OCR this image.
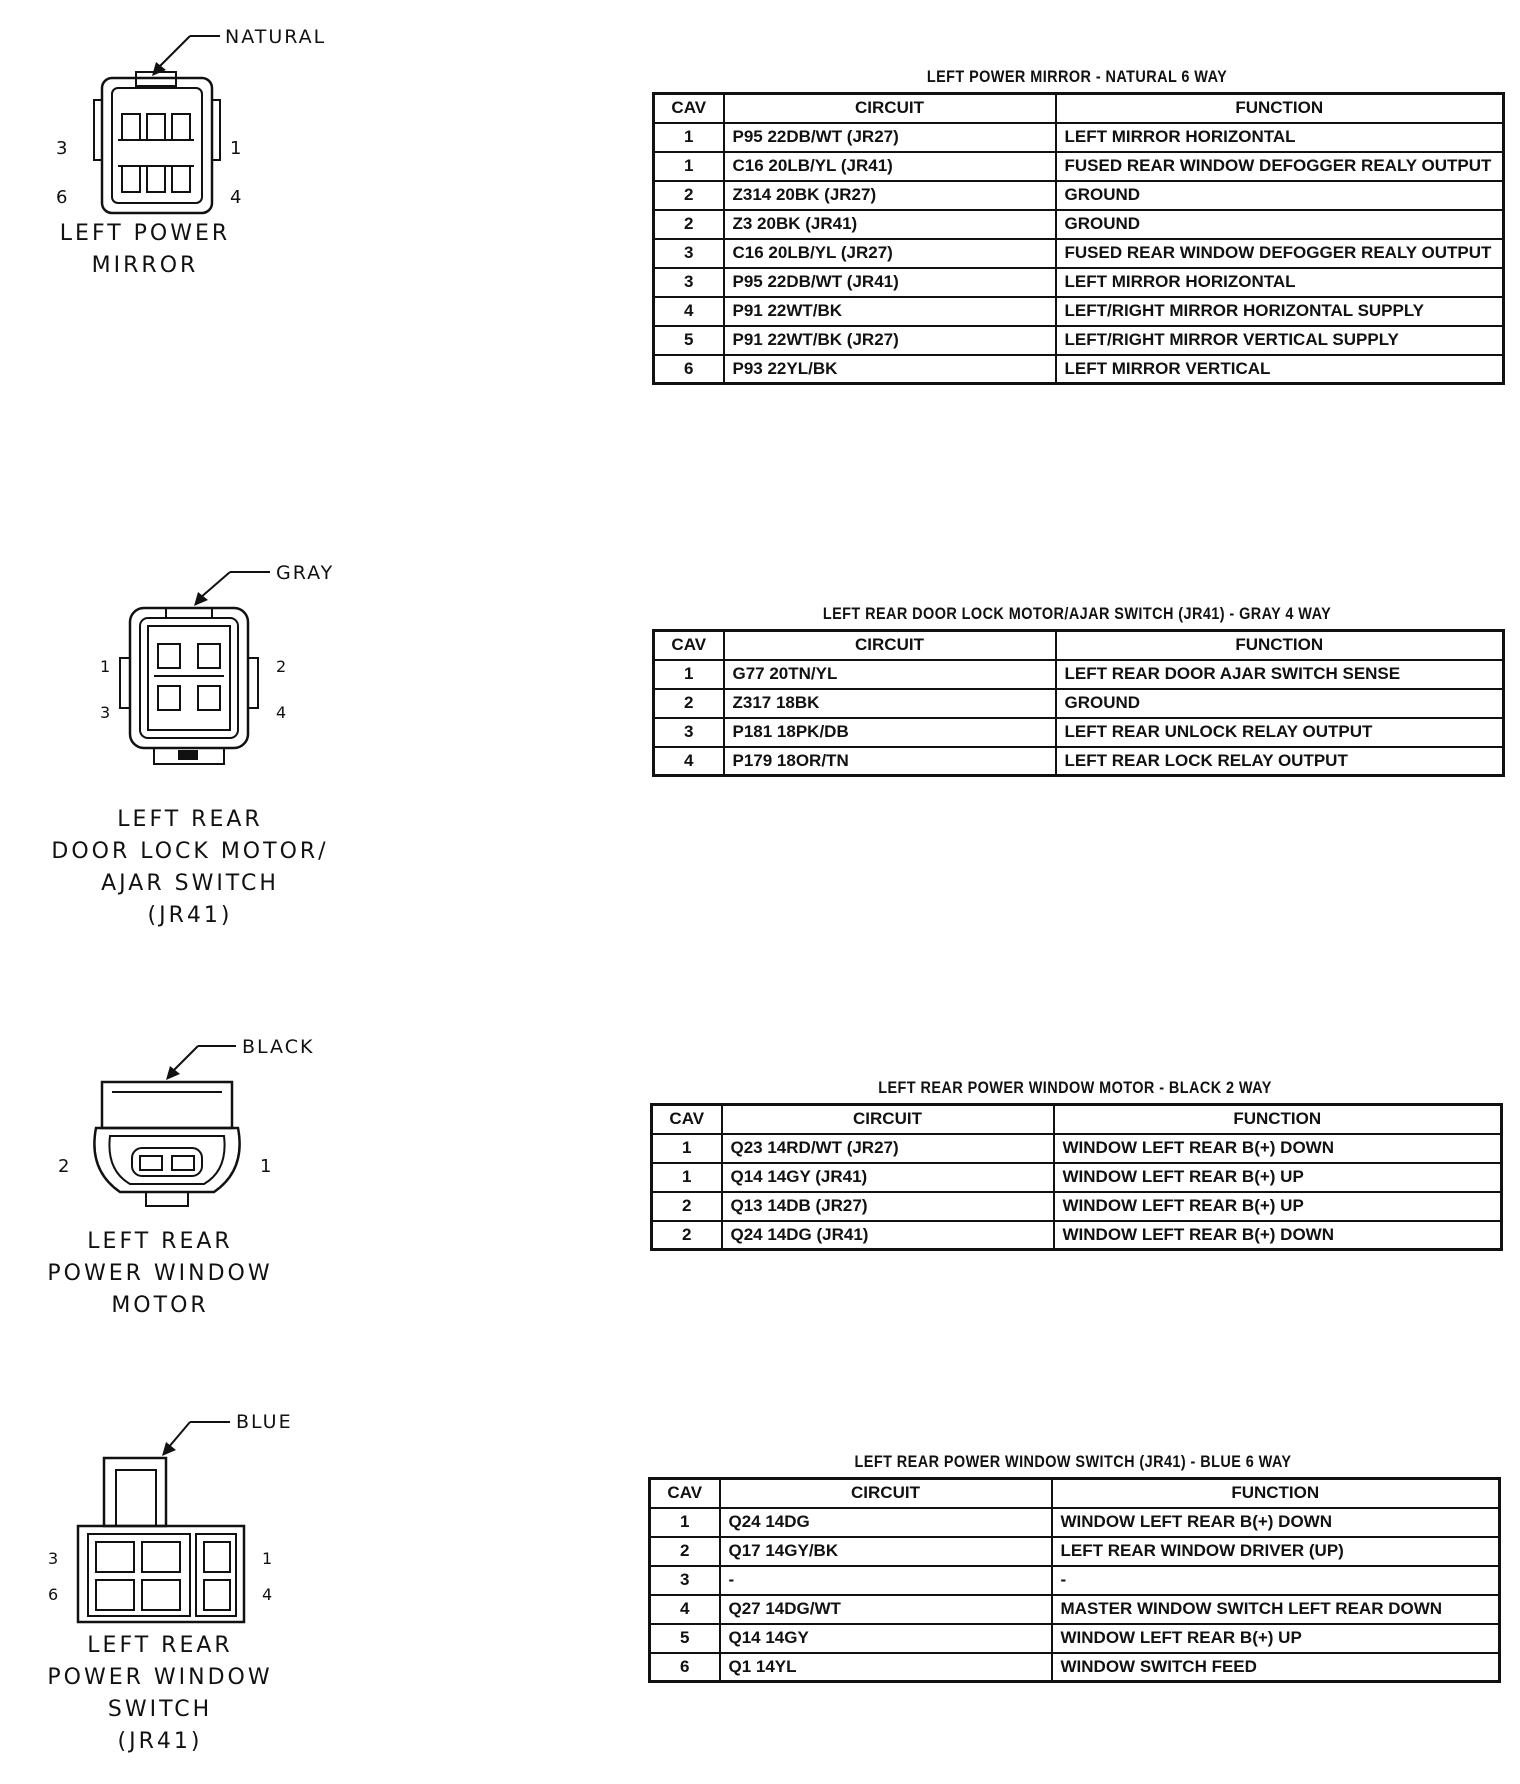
NATURAL
3	1
6	4
LEFT POWER
MIRROR
LEFT POWER MIRROR - NATURAL 6 WAY
CAV	CIRCUIT	FUNCTION
1	P95 22DB/WT (JR27)	LEFT MIRROR HORIZONTAL
1	C16 20LB/YL (JR41)	FUSED REAR WINDOW DEFOGGER REALY OUTPUT
2	Z314 20BK (JR27)	GROUND
2	Z3 20BK (JR41)	GROUND
3	C16 20LB/YL (JR27)	FUSED REAR WINDOW DEFOGGER REALY OUTPUT
3	P95 22DB/WT (JR41)	LEFT MIRROR HORIZONTAL
4	P91 22WT/BK	LEFT/RIGHT MIRROR HORIZONTAL SUPPLY
5	P91 22WT/BK (JR27)	LEFT/RIGHT MIRROR VERTICAL SUPPLY
6	P93 22YL/BK	LEFT MIRROR VERTICAL
GRAY
1	2
3	4
LEFT REAR
DOOR LOCK MOTOR/
AJAR SWITCH
(JR41)
LEFT REAR DOOR LOCK MOTOR/AJAR SWITCH (JR41) - GRAY 4 WAY
CAV	CIRCUIT	FUNCTION
1	G77 20TN/YL	LEFT REAR DOOR AJAR SWITCH SENSE
2	Z317 18BK	GROUND
3	P181 18PK/DB	LEFT REAR UNLOCK RELAY OUTPUT
4	P179 18OR/TN	LEFT REAR LOCK RELAY OUTPUT
BLACK
2	1
LEFT REAR
POWER WINDOW
MOTOR
LEFT REAR POWER WINDOW MOTOR - BLACK 2 WAY
CAV	CIRCUIT	FUNCTION
1	Q23 14RD/WT (JR27)	WINDOW LEFT REAR B(+) DOWN
1	Q14 14GY (JR41)	WINDOW LEFT REAR B(+) UP
2	Q13 14DB (JR27)	WINDOW LEFT REAR B(+) UP
2	Q24 14DG (JR41)	WINDOW LEFT REAR B(+) DOWN
BLUE
3	1
6	4
LEFT REAR
POWER WINDOW
SWITCH
(JR41)
LEFT REAR POWER WINDOW SWITCH (JR41) - BLUE 6 WAY
CAV	CIRCUIT	FUNCTION
1	Q24 14DG	WINDOW LEFT REAR B(+) DOWN
2	Q17 14GY/BK	LEFT REAR WINDOW DRIVER (UP)
3	-	-
4	Q27 14DG/WT	MASTER WINDOW SWITCH LEFT REAR DOWN
5	Q14 14GY	WINDOW LEFT REAR B(+) UP
6	Q1 14YL	WINDOW SWITCH FEED
